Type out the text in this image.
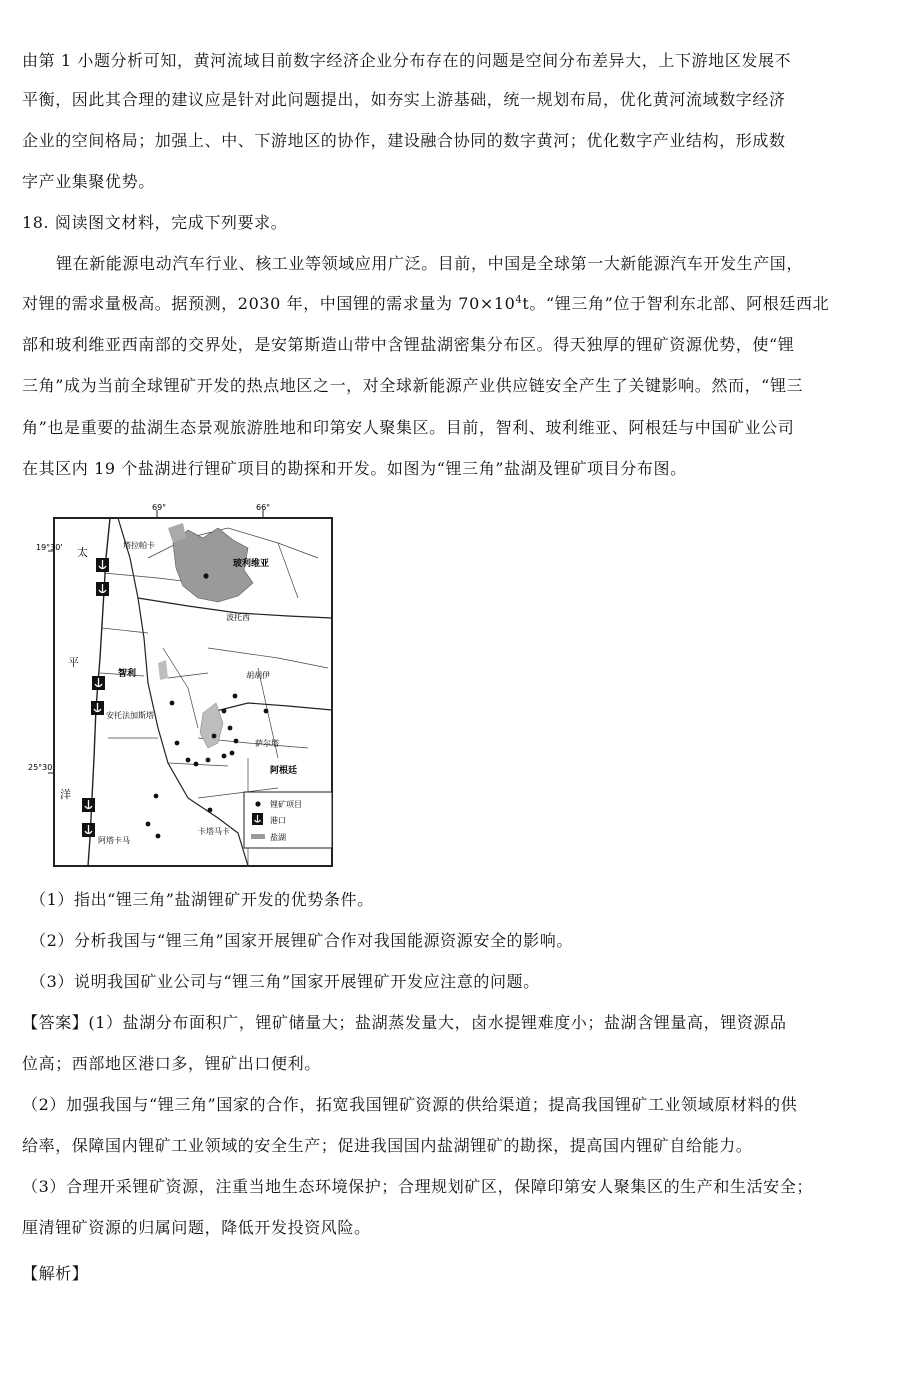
由第 1 小题分析可知，黄河流域目前数字经济企业分布存在的问题是空间分布差异大，上下游地区发展不
平衡，因此其合理的建议应是针对此问题提出，如夯实上游基础，统一规划布局，优化黄河流域数字经济
企业的空间格局；加强上、中、下游地区的协作，建设融合协同的数字黄河；优化数字产业结构，形成数
字产业集聚优势。
18. 阅读图文材料，完成下列要求。
锂在新能源电动汽车行业、核工业等领域应用广泛。目前，中国是全球第一大新能源汽车开发生产国，
对锂的需求量极高。据预测，2030 年，中国锂的需求量为 $70\times 10^4t$。“锂三角”位于智利东北部、阿根廷西北
部和玻利维亚西南部的交界处，是安第斯造山带中含锂盐湖密集分布区。得天独厚的锂矿资源优势，使“锂
三角”成为当前全球锂矿开发的热点地区之一，对全球新能源产业供应链安全产生了关键影响。然而，“锂三
角”也是重要的盐湖生态景观旅游胜地和印第安人聚集区。目前，智利、玻利维亚、阿根廷与中国矿业公司
在其区内 19 个盐湖进行锂矿项目的勘探和开发。如图为“锂三角”盐湖及锂矿项目分布图。
69°	66°
19°30'
25°30'
太
平
洋
塔拉帕卡
玻利维亚
波托西
智利	胡胡伊
安托法加斯塔
萨尔塔
阿根廷
阿塔卡马
卡塔马卡
锂矿项目
港口
盐湖
（1）指出“锂三角”盐湖锂矿开发的优势条件。
（2）分析我国与“锂三角”国家开展锂矿合作对我国能源资源安全的影响。
（3）说明我国矿业公司与“锂三角”国家开展锂矿开发应注意的问题。
【答案】(1）盐湖分布面积广，锂矿储量大；盐湖蒸发量大，卤水提锂难度小；盐湖含锂量高，锂资源品
位高；西部地区港口多，锂矿出口便利。
（2）加强我国与“锂三角”国家的合作，拓宽我国锂矿资源的供给渠道；提高我国锂矿工业领域原材料的供
给率，保障国内锂矿工业领域的安全生产；促进我国国内盐湖锂矿的勘探，提高国内锂矿自给能力。
（3）合理开采锂矿资源，注重当地生态环境保护；合理规划矿区，保障印第安人聚集区的生产和生活安全；
厘清锂矿资源的归属问题，降低开发投资风险。
【解析】
